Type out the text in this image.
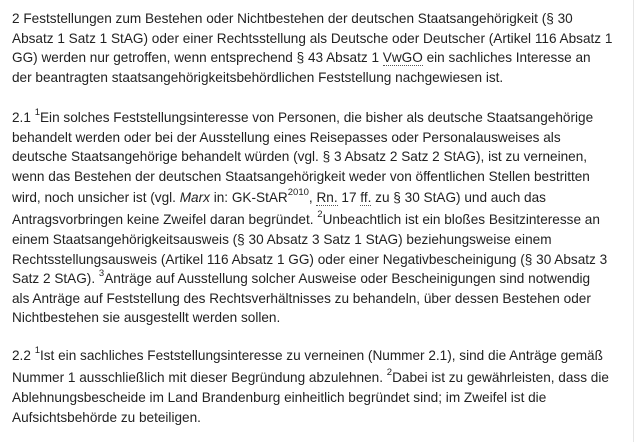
2 Feststellungen zum Bestehen oder Nichtbestehen der deutschen Staatsangehörigkeit (§ 30
Absatz 1 Satz 1 StAG) oder einer Rechtsstellung als Deutsche oder Deutscher (Artikel 116 Absatz 1
GG) werden nur getroffen, wenn entsprechend § 43 Absatz 1 VwGO ein sachliches Interesse an
der beantragten staatsangehörigkeitsbehördlichen Feststellung nachgewiesen ist.

2.1 $^1$Ein solches Feststellungsinteresse von Personen, die bisher als deutsche Staatsangehörige
behandelt werden oder bei der Ausstellung eines Reisepasses oder Personalausweises als
deutsche Staatsangehörige behandelt würden (vgl. § 3 Absatz 2 Satz 2 StAG), ist zu verneinen,
wenn das Bestehen der deutschen Staatsangehörigkeit weder von öffentlichen Stellen bestritten
wird, noch unsicher ist (vgl. Marx in: GK-StAR$^{2010}$, Rn. 17 ff. zu § 30 StAG) und auch das
Antragsvorbringen keine Zweifel daran begründet. $^2$Unbeachtlich ist ein bloßes Besitzinteresse an
einem Staatsangehörigkeitsausweis (§ 30 Absatz 3 Satz 1 StAG) beziehungsweise einem
Rechtsstellungsausweis (Artikel 116 Absatz 1 GG) oder einer Negativbescheinigung (§ 30 Absatz 3
Satz 2 StAG). $^3$Anträge auf Ausstellung solcher Ausweise oder Bescheinigungen sind notwendig
als Anträge auf Feststellung des Rechtsverhältnisses zu behandeln, über dessen Bestehen oder
Nichtbestehen sie ausgestellt werden sollen.

2.2 $^1$Ist ein sachliches Feststellungsinteresse zu verneinen (Nummer 2.1), sind die Anträge gemäß
Nummer 1 ausschließlich mit dieser Begründung abzulehnen. $^2$Dabei ist zu gewährleisten, dass die
Ablehnungsbescheide im Land Brandenburg einheitlich begründet sind; im Zweifel ist die
Aufsichtsbehörde zu beteiligen.
